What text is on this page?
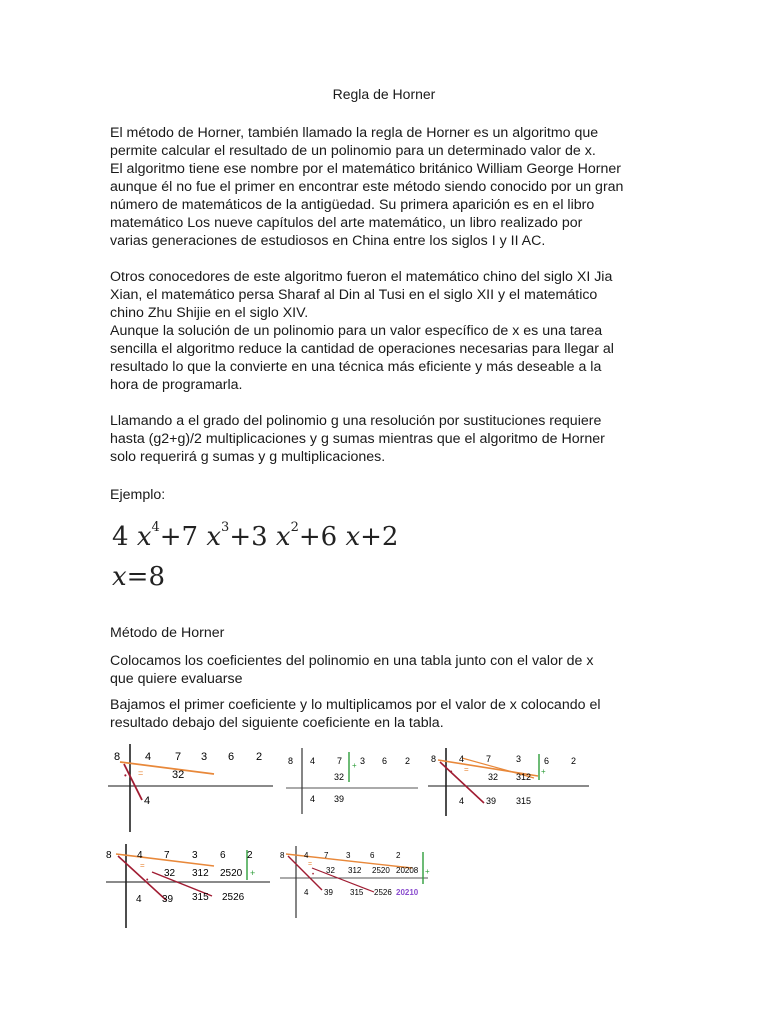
Regla de Horner
El método de Horner, también llamado la regla de Horner es un algoritmo que
permite calcular el resultado de un polinomio para un determinado valor de x.
El algoritmo tiene ese nombre por el matemático británico William George Horner
aunque él no fue el primer en encontrar este método siendo conocido por un gran
número de matemáticos de la antigüedad. Su primera aparición es en el libro
matemático Los nueve capítulos del arte matemático, un libro realizado por
varias generaciones de estudiosos en China entre los siglos I y II AC.
Otros conocedores de este algoritmo fueron el matemático chino del siglo XI Jia
Xian, el matemático persa Sharaf al Din al Tusi en el siglo XII y el matemático
chino Zhu Shijie en el siglo XIV.
Aunque la solución de un polinomio para un valor específico de x es una tarea
sencilla el algoritmo reduce la cantidad de operaciones necesarias para llegar al
resultado lo que la convierte en una técnica más eficiente y más deseable a la
hora de programarla.
Llamando a el grado del polinomio g una resolución por sustituciones requiere
hasta (g2+g)/2 multiplicaciones y g sumas mientras que el algoritmo de Horner
solo requerirá g sumas y g multiplicaciones.
Ejemplo:
4 $x^4+7$ $x^3+3$ $x^2+6$ x+2
x=8
Método de Horner
Colocamos los coeficientes del polinomio en una tabla junto con el valor de x
que quiere evaluarse
Bajamos el primer coeficiente y lo multiplicamos por el valor de x colocando el
resultado debajo del siguiente coeficiente en la tabla.
8 4 7 3 6 2
=
•	32
4
8 4 7 3 6 2
+
32
4 39
8	4 7	3	6 2
=
•	+
32 312
4 39 315
8	4 7 3 6 2
=
•
+
32 312 2520
4 39 315 2526
8 4 7 3 6	2
=
•	+
32 312 2520 20208
4 39 315 2526 20210
